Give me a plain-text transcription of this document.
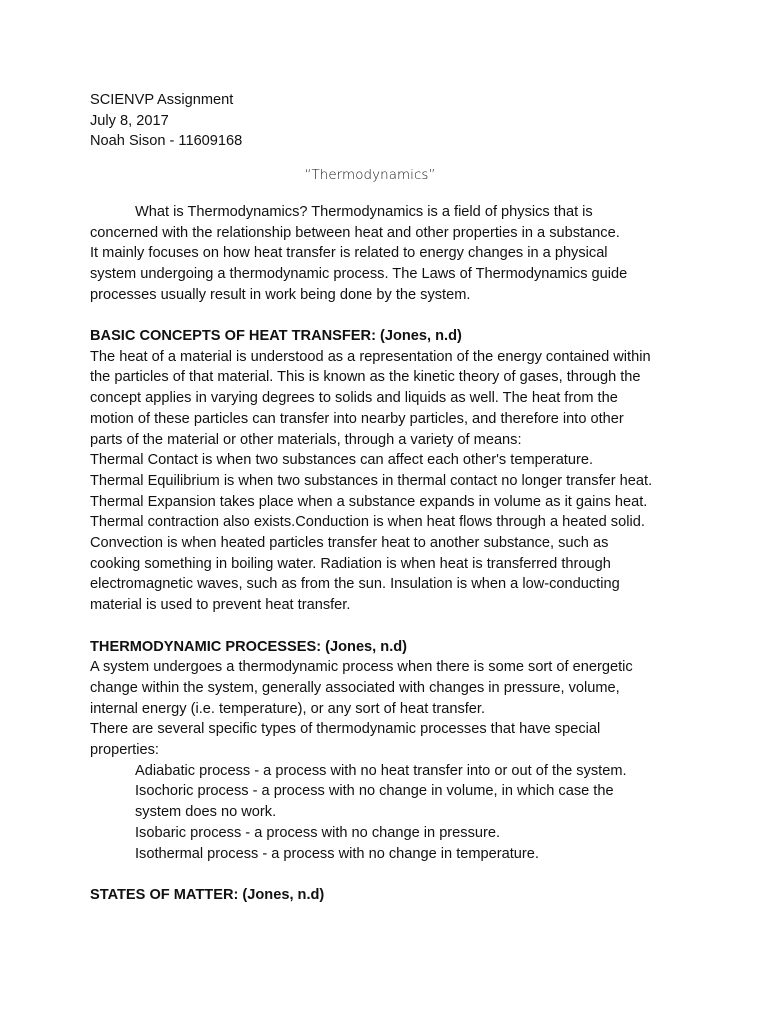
SCIENVP Assignment
July 8, 2017
Noah Sison - 11609168
“Thermodynamics”
What is Thermodynamics? Thermodynamics is a field of physics that is
concerned with the relationship between heat and other properties in a substance.
It mainly focuses on how heat transfer is related to energy changes in a physical
system undergoing a thermodynamic process. The Laws of Thermodynamics guide
processes usually result in work being done by the system.
BASIC CONCEPTS OF HEAT TRANSFER: (Jones, n.d)
The heat of a material is understood as a representation of the energy contained within
the particles of that material. This is known as the kinetic theory of gases, through the
concept applies in varying degrees to solids and liquids as well. The heat from the
motion of these particles can transfer into nearby particles, and therefore into other
parts of the material or other materials, through a variety of means:
Thermal Contact is when two substances can affect each other's temperature.
Thermal Equilibrium is when two substances in thermal contact no longer transfer heat.
Thermal Expansion takes place when a substance expands in volume as it gains heat.
Thermal contraction also exists.Conduction is when heat flows through a heated solid.
Convection is when heated particles transfer heat to another substance, such as
cooking something in boiling water. Radiation is when heat is transferred through
electromagnetic waves, such as from the sun. Insulation is when a low-conducting
material is used to prevent heat transfer.
THERMODYNAMIC PROCESSES: (Jones, n.d)
A system undergoes a thermodynamic process when there is some sort of energetic
change within the system, generally associated with changes in pressure, volume,
internal energy (i.e. temperature), or any sort of heat transfer.
There are several specific types of thermodynamic processes that have special
properties:
Adiabatic process - a process with no heat transfer into or out of the system.
Isochoric process - a process with no change in volume, in which case the
system does no work.
Isobaric process - a process with no change in pressure.
Isothermal process - a process with no change in temperature.
STATES OF MATTER: (Jones, n.d)
